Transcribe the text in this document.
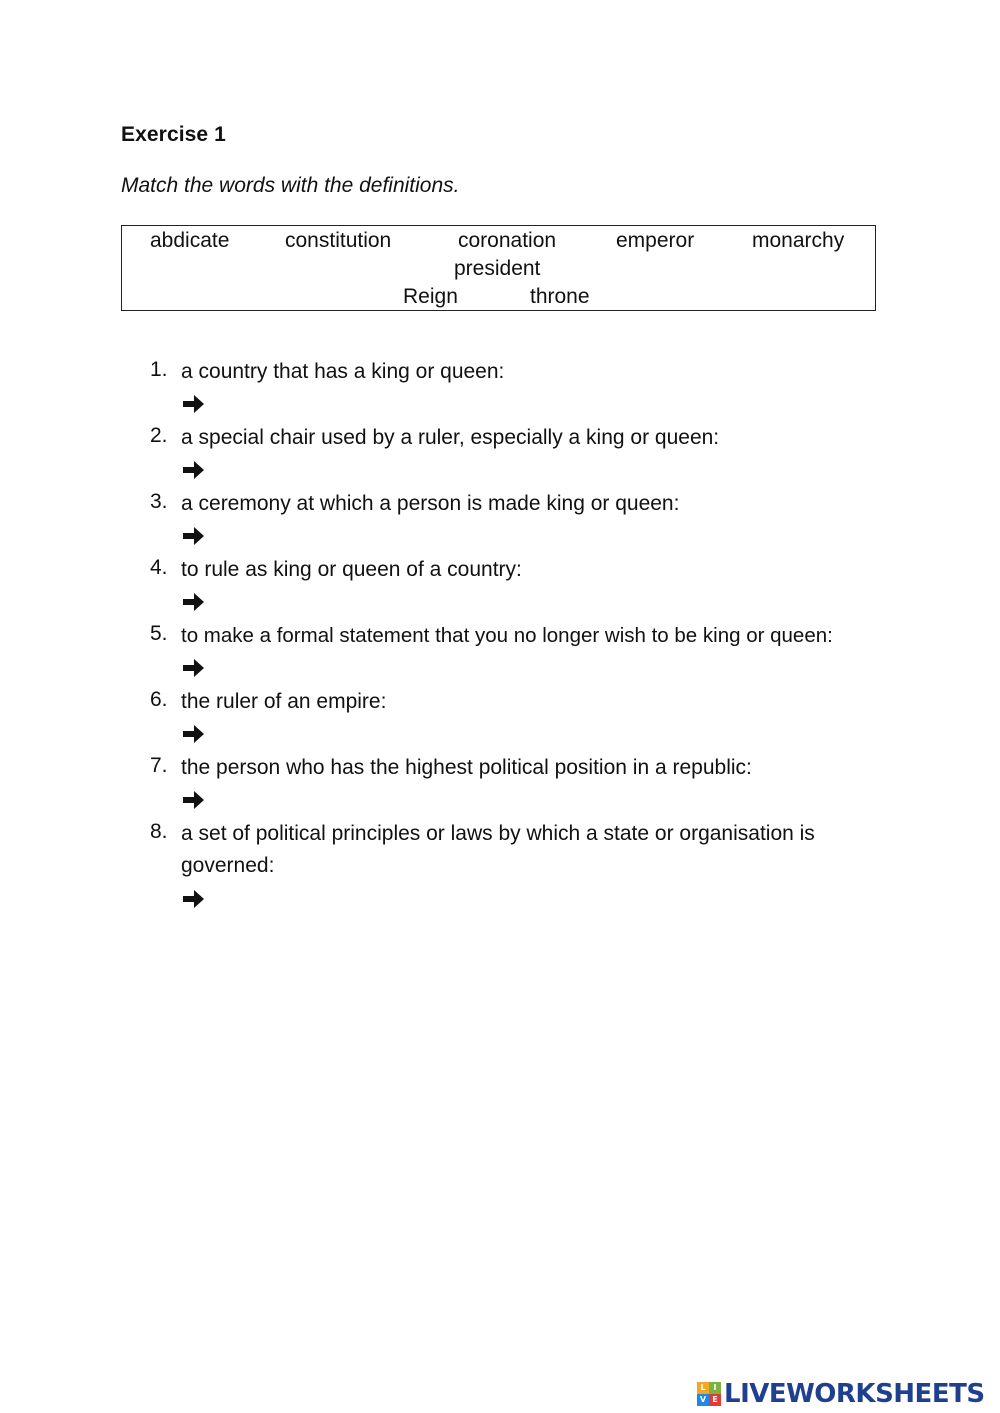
Exercise 1
Match the words with the definitions.
abdicate	constitution	coronation	emperor	monarchy
president
Reign	throne
1. a country that has a king or queen:
2. a special chair used by a ruler, especially a king or queen:
3. a ceremony at which a person is made king or queen:
4. to rule as king or queen of a country:
5. to make a formal statement that you no longer wish to be king or queen:
6. the ruler of an empire:
7. the person who has the highest political position in a republic:
8. a set of political principles or laws by which a state or organisation is governed:
L I
V E LIVEWORKSHEETS
